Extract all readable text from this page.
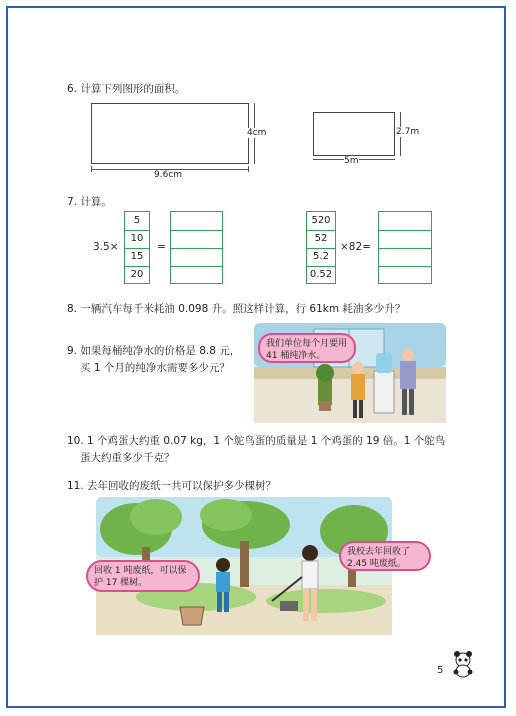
6. 计算下列图形的面积。
9.6cm
4cm
5m
2.7m
7. 计算。
3.5×
5
10
15
20
=
520
52
5.2
0.52
×82=
8. 一辆汽车每千米耗油 0.098 升。照这样计算，行 61km 耗油多少升？
9. 如果每桶纯净水的价格是 8.8 元，
买 1 个月的纯净水需要多少元？
我们单位每个月要用 41 桶纯净水。
10. 1 个鸡蛋大约重 0.07 kg，1 个鸵鸟蛋的质量是 1 个鸡蛋的 19 倍。1 个鸵鸟
蛋大约重多少千克？
11. 去年回收的废纸一共可以保护多少棵树？
回收 1 吨废纸，可以保护 17 棵树。
我校去年回收了 2.45 吨废纸。
5
